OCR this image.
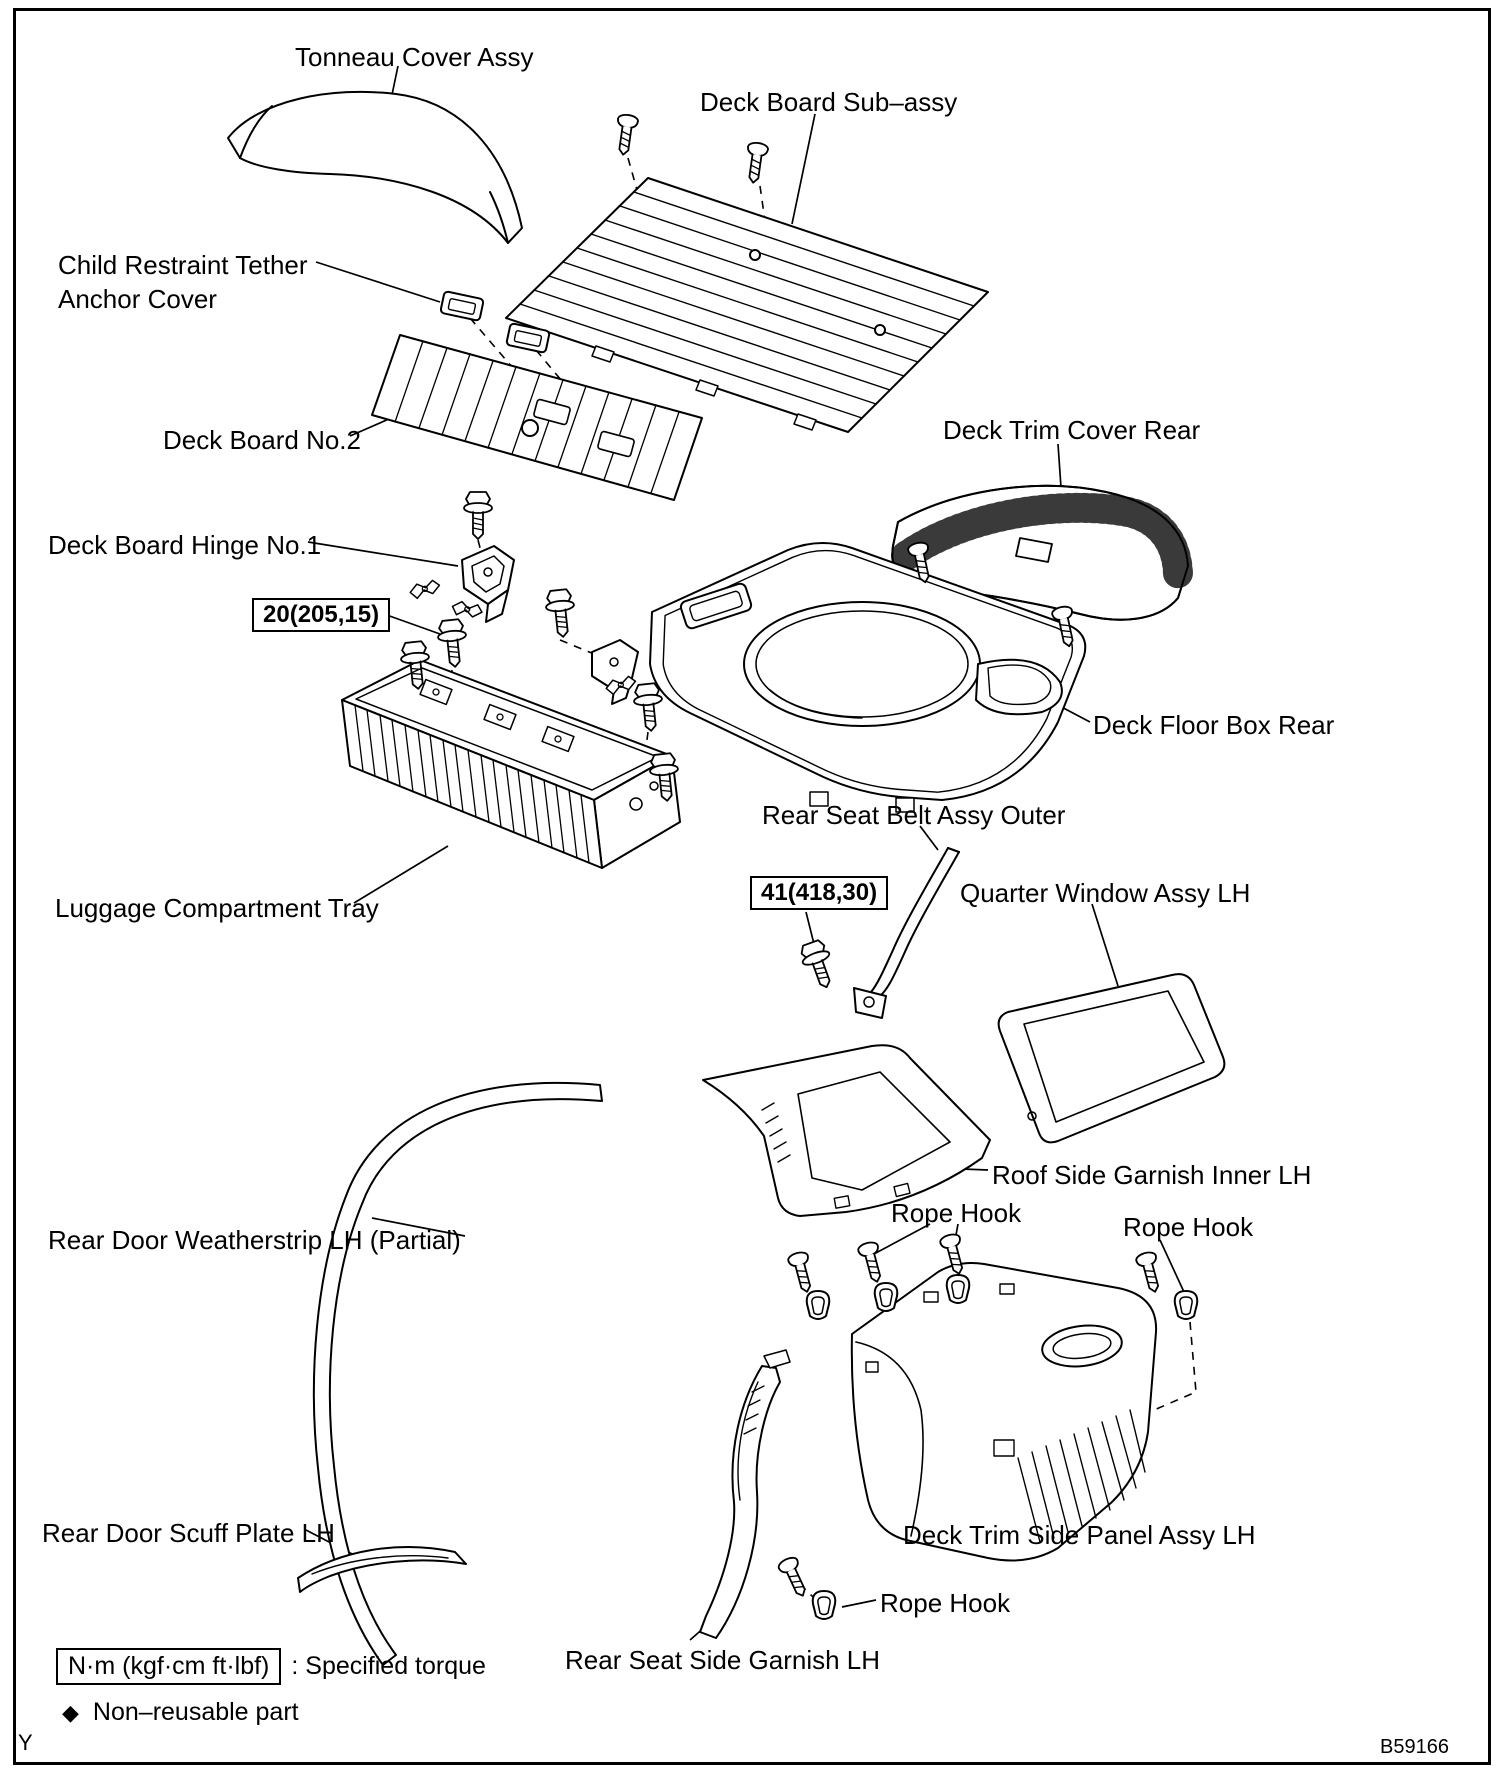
Tonneau Cover Assy
Deck Board Sub–assy
Child Restraint Tether
Anchor Cover
Deck Board No.2	Deck Trim Cover Rear
Deck Board Hinge No.1
Deck Floor Box Rear
Rear Seat Belt Assy Outer
Luggage Compartment Tray	Quarter Window Assy LH
Roof Side Garnish Inner LH
Rope Hook	Rope Hook
Rear Door Weatherstrip LH (Partial)
Deck Trim Side Panel Assy LH
Rear Door Scuff Plate LH
Rope Hook
Rear Seat Side Garnish LH
20(205,15)
41(418,30)
N·m (kgf·cm ft·lbf) : Specified torque
◆ Non–reusable part
Y	B59166
